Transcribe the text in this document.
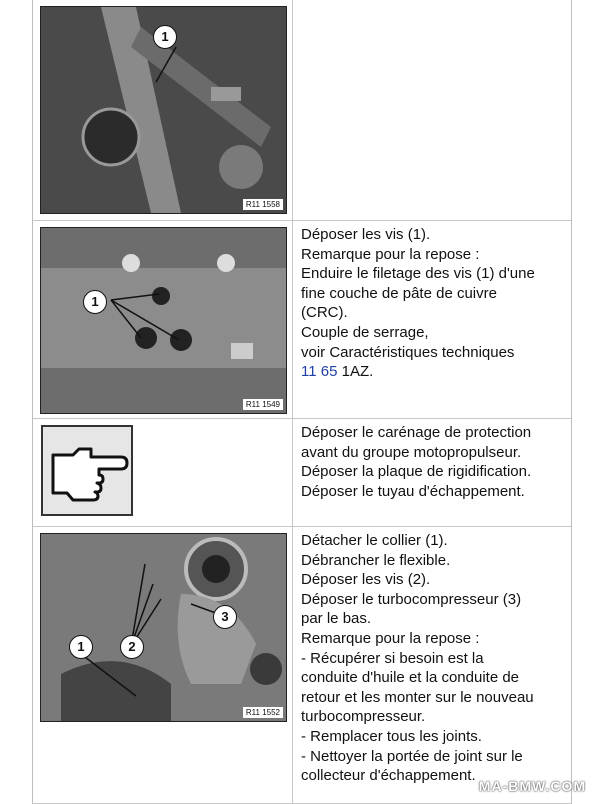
1
R11 1558
1
R11 1549
Déposer les vis (1).
Remarque pour la repose :
Enduire le filetage des vis (1) d'une
fine couche de pâte de cuivre
(CRC).
Couple de serrage,
voir Caractéristiques techniques
11 65 1AZ.
Déposer le carénage de protection
avant du groupe motopropulseur.
Déposer la plaque de rigidification.
Déposer le tuyau d'échappement.
1	2
3
R11 1552
Détacher le collier (1).
Débrancher le flexible.
Déposer les vis (2).
Déposer le turbocompresseur (3)
par le bas.
Remarque pour la repose :
- Récupérer si besoin est la
conduite d'huile et la conduite de
retour et les monter sur le nouveau
turbocompresseur.
- Remplacer tous les joints.
- Nettoyer la portée de joint sur le
collecteur d'échappement.
MA-BMW.COM
